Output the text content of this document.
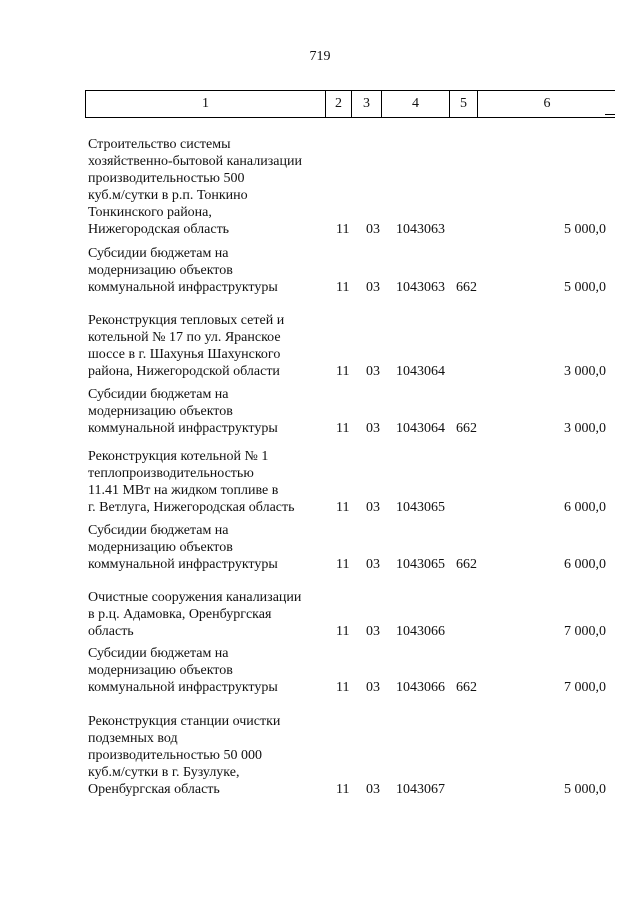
719
1	2	3	4	5	6
Строительство системы
хозяйственно-бытовой канализации
производительностью 500
куб.м/сутки в р.п. Тонкино
Тонкинского района,
Нижегородская область	11	03 1043063	5 000,0
Субсидии бюджетам на
модернизацию объектов
коммунальной инфраструктуры	11	03 1043063 662	5 000,0
Реконструкция тепловых сетей и
котельной № 17 по ул. Яранское
шоссе в г. Шахунья Шахунского
района, Нижегородской области	11	03 1043064	3 000,0
Субсидии бюджетам на
модернизацию объектов
коммунальной инфраструктуры	11	03 1043064 662	3 000,0
Реконструкция котельной № 1
теплопроизводительностью
11.41 МВт на жидком топливе в
г. Ветлуга, Нижегородская область	11	03 1043065	6 000,0
Субсидии бюджетам на
модернизацию объектов
коммунальной инфраструктуры	11	03 1043065 662	6 000,0
Очистные сооружения канализации
в р.ц. Адамовка, Оренбургская
область	11	03 1043066	7 000,0
Субсидии бюджетам на
модернизацию объектов
коммунальной инфраструктуры	11	03 1043066 662	7 000,0
Реконструкция станции очистки
подземных вод
производительностью 50 000
куб.м/сутки в г. Бузулуке,
Оренбургская область	11	03 1043067	5 000,0
